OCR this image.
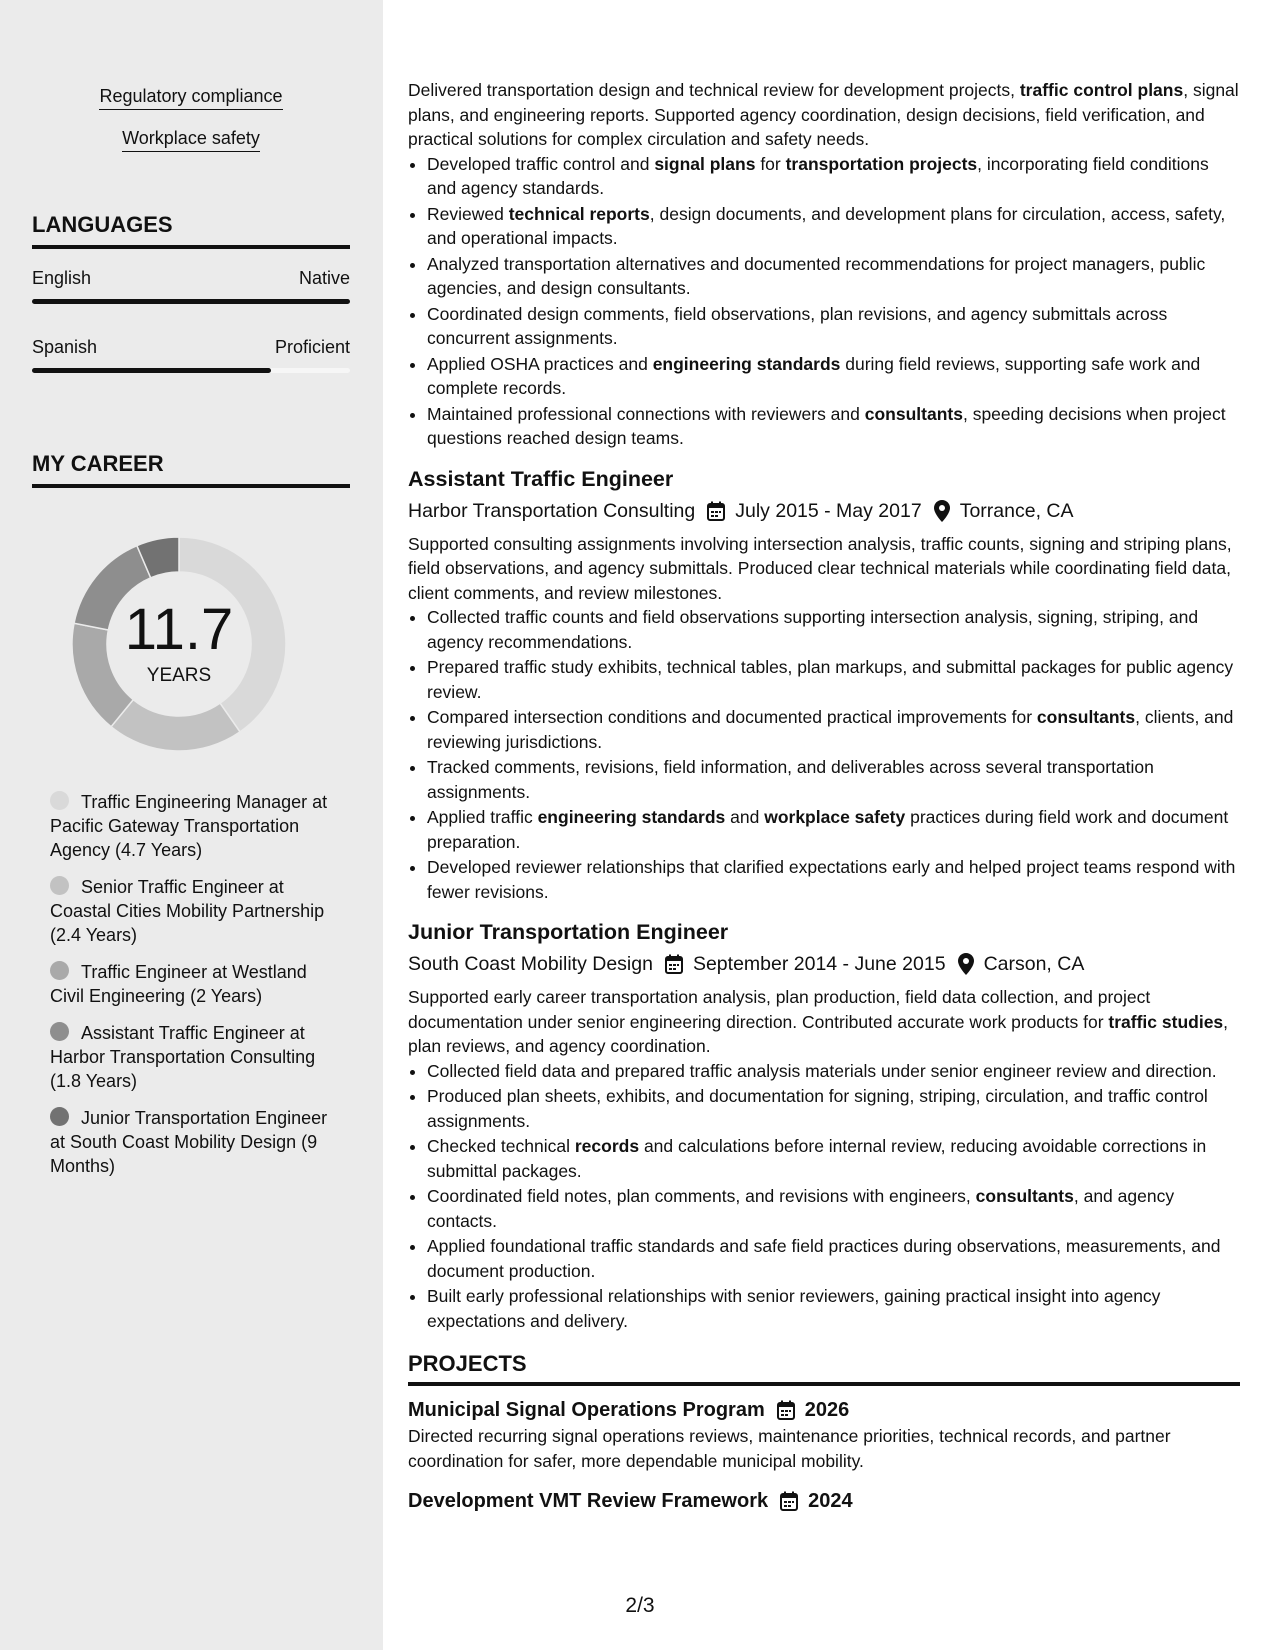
Regulatory compliance
Workplace safety
LANGUAGES
English	Native
Spanish	Proficient
MY CAREER
11.7
YEARS
Traffic Engineering Manager at Pacific Gateway Transportation Agency (4.7 Years)
Senior Traffic Engineer at Coastal Cities Mobility Partnership (2.4 Years)
Traffic Engineer at Westland Civil Engineering (2 Years)
Assistant Traffic Engineer at Harbor Transportation Consulting (1.8 Years)
Junior Transportation Engineer at South Coast Mobility Design (9 Months)

Delivered transportation design and technical review for development projects, traffic control plans, signal plans, and engineering reports. Supported agency coordination, design decisions, field verification, and practical solutions for complex circulation and safety needs.

• Developed traffic control and signal plans for transportation projects, incorporating field conditions and agency standards.
• Reviewed technical reports, design documents, and development plans for circulation, access, safety, and operational impacts.
• Analyzed transportation alternatives and documented recommendations for project managers, public agencies, and design consultants.
• Coordinated design comments, field observations, plan revisions, and agency submittals across concurrent assignments.
• Applied OSHA practices and engineering standards during field reviews, supporting safe work and complete records.
• Maintained professional connections with reviewers and consultants, speeding decisions when project questions reached design teams.
Assistant Traffic Engineer
Harbor Transportation Consulting July 2015 - May 2017 Torrance, CA

Supported consulting assignments involving intersection analysis, traffic counts, signing and striping plans, field observations, and agency submittals. Produced clear technical materials while coordinating field data, client comments, and review milestones.

• Collected traffic counts and field observations supporting intersection analysis, signing, striping, and agency recommendations.
• Prepared traffic study exhibits, technical tables, plan markups, and submittal packages for public agency review.
• Compared intersection conditions and documented practical improvements for consultants, clients, and reviewing jurisdictions.
• Tracked comments, revisions, field information, and deliverables across several transportation assignments.
• Applied traffic engineering standards and workplace safety practices during field work and document preparation.
• Developed reviewer relationships that clarified expectations early and helped project teams respond with fewer revisions.
Junior Transportation Engineer
South Coast Mobility Design September 2014 - June 2015 Carson, CA

Supported early career transportation analysis, plan production, field data collection, and project documentation under senior engineering direction. Contributed accurate work products for traffic studies, plan reviews, and agency coordination.

• Collected field data and prepared traffic analysis materials under senior engineer review and direction.
• Produced plan sheets, exhibits, and documentation for signing, striping, circulation, and traffic control assignments.
• Checked technical records and calculations before internal review, reducing avoidable corrections in submittal packages.
• Coordinated field notes, plan comments, and revisions with engineers, consultants, and agency contacts.
• Applied foundational traffic standards and safe field practices during observations, measurements, and document production.
• Built early professional relationships with senior reviewers, gaining practical insight into agency expectations and delivery.
PROJECTS
Municipal Signal Operations Program 2026

Directed recurring signal operations reviews, maintenance priorities, technical records, and partner coordination for safer, more dependable municipal mobility.

Development VMT Review Framework 2024
2/3
